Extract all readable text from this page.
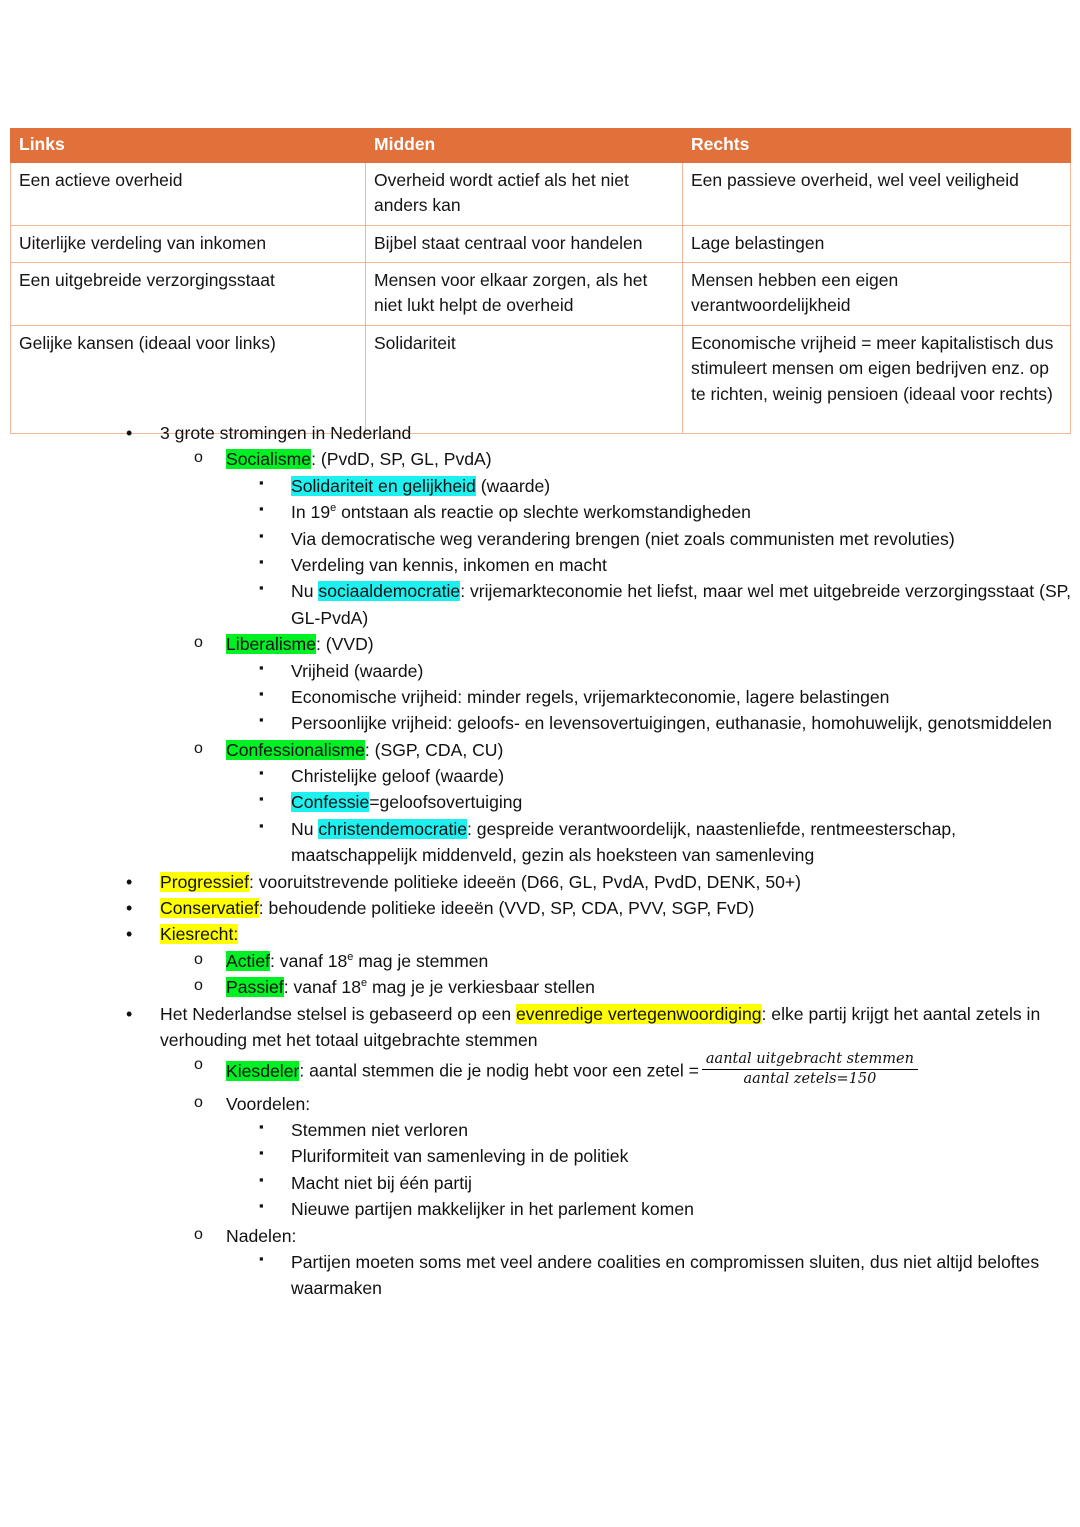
Links	Midden	Rechts
Een actieve overheid	Overheid wordt actief als het niet anders kan	Een passieve overheid, wel veel veiligheid
Uiterlijke verdeling van inkomen	Bijbel staat centraal voor handelen	Lage belastingen
Een uitgebreide verzorgingsstaat	Mensen voor elkaar zorgen, als het niet lukt helpt de overheid	Mensen hebben een eigen verantwoordelijkheid
Gelijke kansen (ideaal voor links)	Solidariteit	Economische vrijheid = meer kapitalistisch dus stimuleert mensen om eigen bedrijven enz. op te richten, weinig pensioen (ideaal voor rechts)
• 3 grote stromingen in Nederland
o Socialisme: (PvdD, SP, GL, PvdA)
▪ Solidariteit en gelijkheid (waarde)
▪ In 19e ontstaan als reactie op slechte werkomstandigheden
▪ Via democratische weg verandering brengen (niet zoals communisten met revoluties)
▪ Verdeling van kennis, inkomen en macht
▪ Nu sociaaldemocratie: vrijemarkteconomie het liefst, maar wel met uitgebreide verzorgingsstaat (SP, GL-PvdA)
o Liberalisme: (VVD)
▪ Vrijheid (waarde)
▪ Economische vrijheid: minder regels, vrijemarkteconomie, lagere belastingen
▪ Persoonlijke vrijheid: geloofs- en levensovertuigingen, euthanasie, homohuwelijk, genotsmiddelen
o Confessionalisme: (SGP, CDA, CU)
▪ Christelijke geloof (waarde)
▪ Confessie=geloofsovertuiging
▪ Nu christendemocratie: gespreide verantwoordelijk, naastenliefde, rentmeesterschap, maatschappelijk middenveld, gezin als hoeksteen van samenleving
• Progressief: vooruitstrevende politieke ideeën (D66, GL, PvdA, PvdD, DENK, 50+)
• Conservatief: behoudende politieke ideeën (VVD, SP, CDA, PVV, SGP, FvD)
• Kiesrecht:
o Actief: vanaf 18e mag je stemmen
o Passief: vanaf 18e mag je je verkiesbaar stellen
• Het Nederlandse stelsel is gebaseerd op een evenredige vertegenwoordiging: elke partij krijgt het aantal zetels in verhouding met het totaal uitgebrachte stemmen
o Kiesdeler: aantal stemmen die je nodig hebt voor een zetel = $\frac{\text{aantal uitgebracht stemmen}}{\text{aantal zetels=150}}$
o Voordelen:
▪ Stemmen niet verloren
▪ Pluriformiteit van samenleving in de politiek
▪ Macht niet bij één partij
▪ Nieuwe partijen makkelijker in het parlement komen
o Nadelen:
▪ Partijen moeten soms met veel andere coalities en compromissen sluiten, dus niet altijd beloftes waarmaken
